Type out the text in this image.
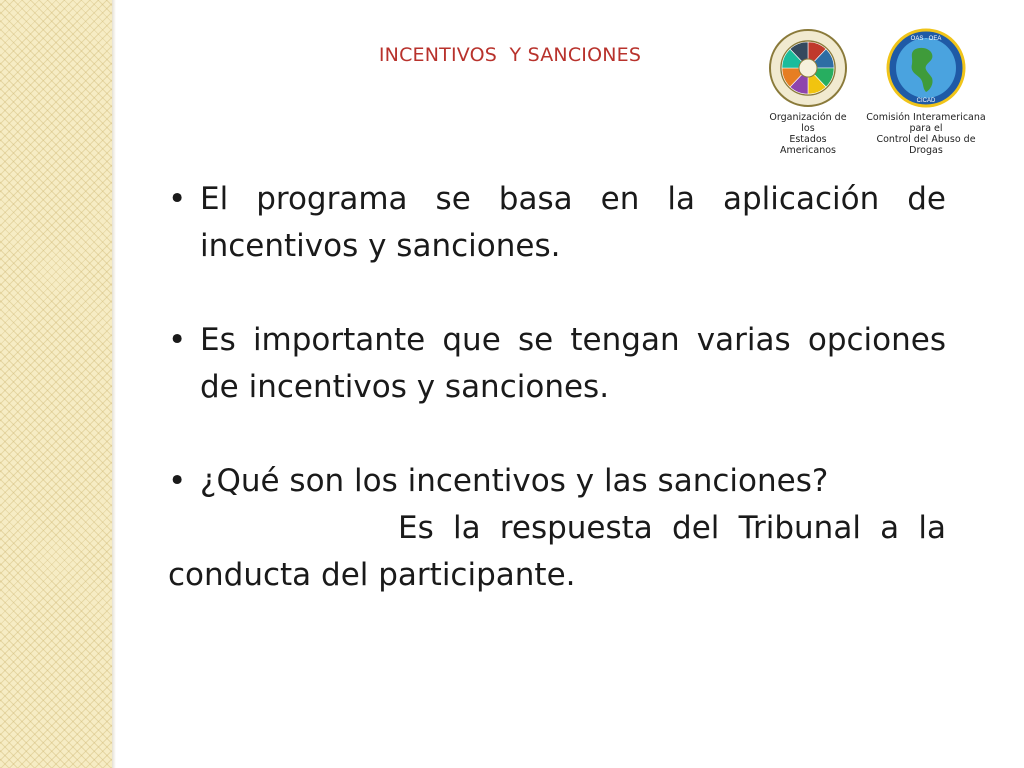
INCENTIVOS  Y SANCIONES
Organización de los
Estados Americanos
OAS · OEA
CICAD
Comisión Interamericana para el
Control del Abuso de Drogas
• El programa se basa en la aplicación de incentivos y sanciones.
• Es importante que se tengan varias opciones de incentivos y sanciones.
• ¿Qué son los incentivos y las sanciones?
Es la respuesta del Tribunal a la conducta del participante.
